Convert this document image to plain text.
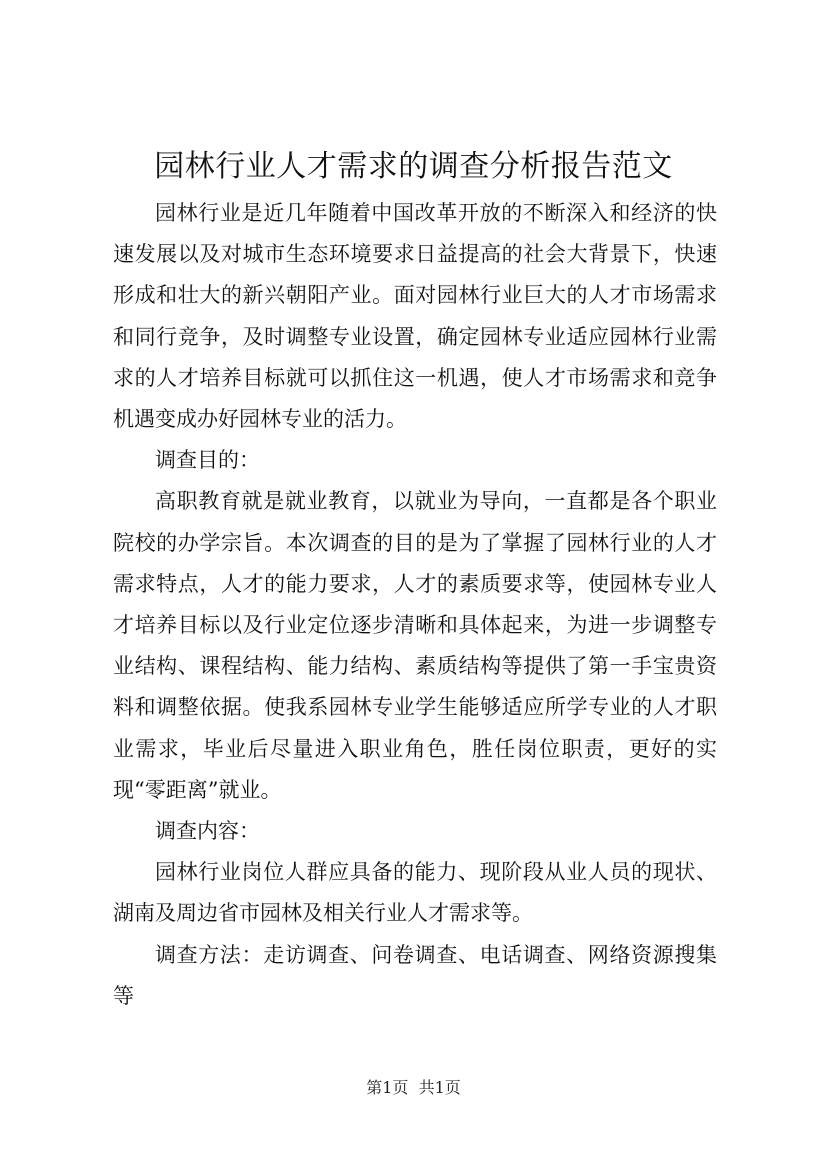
园林行业人才需求的调查分析报告范文

园林行业是近几年随着中国改革开放的不断深入和经济的快速发展以及对城市生态环境要求日益提高的社会大背景下，快速形成和壮大的新兴朝阳产业。面对园林行业巨大的人才市场需求和同行竞争，及时调整专业设置，确定园林专业适应园林行业需求的人才培养目标就可以抓住这一机遇，使人才市场需求和竞争机遇变成办好园林专业的活力。

调查目的：

高职教育就是就业教育，以就业为导向，一直都是各个职业院校的办学宗旨。本次调查的目的是为了掌握了园林行业的人才需求特点，人才的能力要求，人才的素质要求等，使园林专业人才培养目标以及行业定位逐步清晰和具体起来，为进一步调整专业结构、课程结构、能力结构、素质结构等提供了第一手宝贵资料和调整依据。使我系园林专业学生能够适应所学专业的人才职业需求，毕业后尽量进入职业角色，胜任岗位职责，更好的实现“零距离”就业。

调查内容：

园林行业岗位人群应具备的能力、现阶段从业人员的现状、湖南及周边省市园林及相关行业人才需求等。

调查方法：走访调查、问卷调查、电话调查、网络资源搜集等

第1页  共1页
